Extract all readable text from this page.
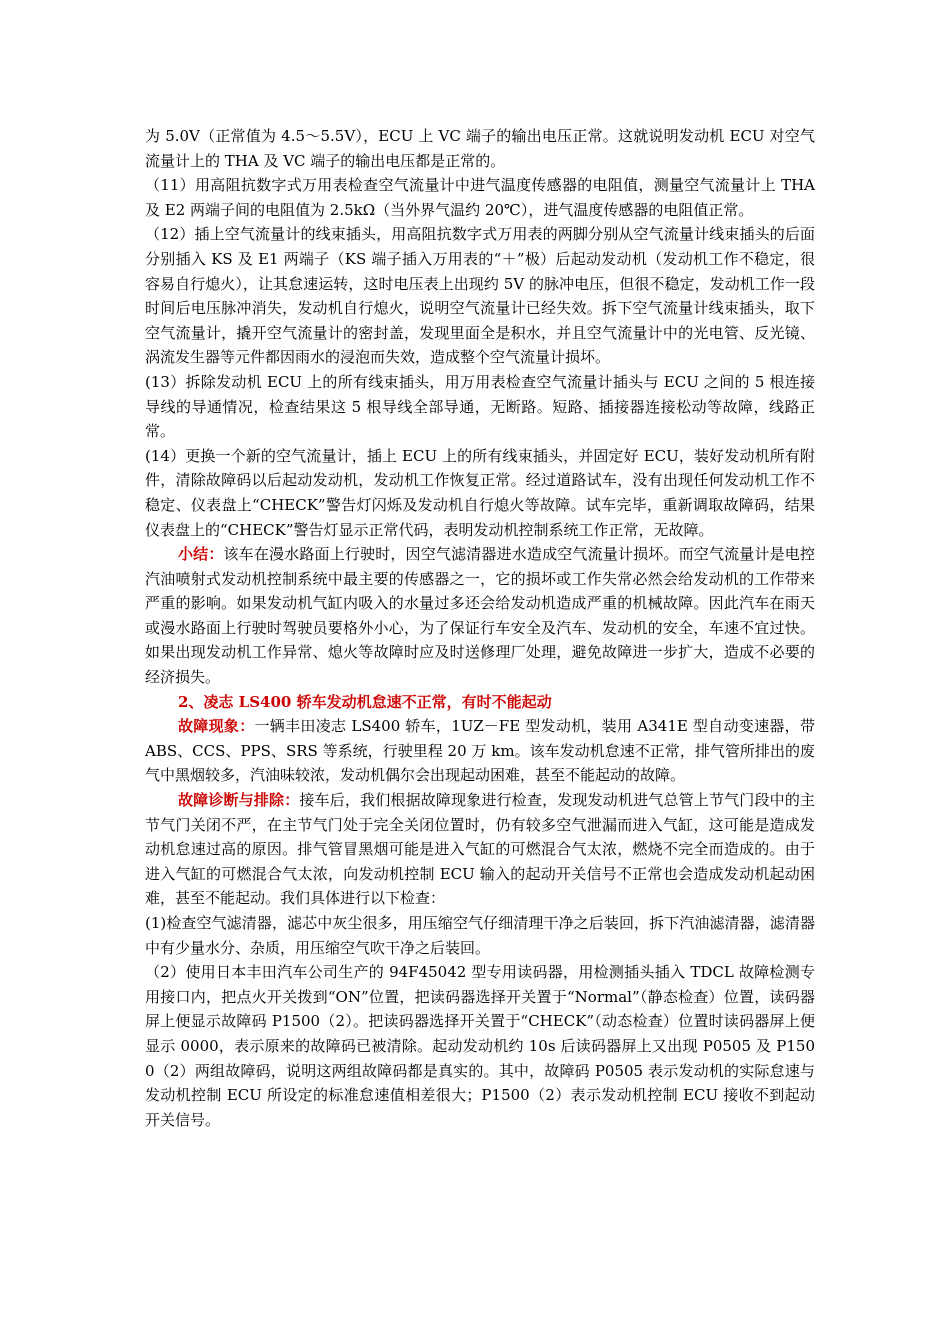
为 5.0V（正常值为 4.5～5.5V），ECU 上 VC 端子的输出电压正常。这就说明发动机 ECU 对空气流量计上的 THA 及 VC 端子的输出电压都是正常的。

（11）用高阻抗数字式万用表检查空气流量计中进气温度传感器的电阻值，测量空气流量计上 THA 及 E2 两端子间的电阻值为 2.5kΩ（当外界气温约 20℃），进气温度传感器的电阻值正常。

（12）插上空气流量计的线束插头，用高阻抗数字式万用表的两脚分别从空气流量计线束插头的后面分别插入 KS 及 E1 两端子（KS 端子插入万用表的“＋”极）后起动发动机（发动机工作不稳定，很容易自行熄火），让其怠速运转，这时电压表上出现约 5V 的脉冲电压，但很不稳定，发动机工作一段时间后电压脉冲消失，发动机自行熄火，说明空气流量计已经失效。拆下空气流量计线束插头，取下空气流量计，撬开空气流量计的密封盖，发现里面全是积水，并且空气流量计中的光电管、反光镜、涡流发生器等元件都因雨水的浸泡而失效，造成整个空气流量计损坏。

(13）拆除发动机 ECU 上的所有线束插头，用万用表检查空气流量计插头与 ECU 之间的 5 根连接导线的导通情况，检查结果这 5 根导线全部导通，无断路。短路、插接器连接松动等故障，线路正常。

(14）更换一个新的空气流量计，插上 ECU 上的所有线束插头，并固定好 ECU，装好发动机所有附件，清除故障码以后起动发动机，发动机工作恢复正常。经过道路试车，没有出现任何发动机工作不稳定、仪表盘上“CHECK”警告灯闪烁及发动机自行熄火等故障。试车完毕，重新调取故障码，结果仪表盘上的“CHECK”警告灯显示正常代码，表明发动机控制系统工作正常，无故障。

小结：该车在漫水路面上行驶时，因空气滤清器进水造成空气流量计损坏。而空气流量计是电控汽油喷射式发动机控制系统中最主要的传感器之一，它的损坏或工作失常必然会给发动机的工作带来严重的影响。如果发动机气缸内吸入的水量过多还会给发动机造成严重的机械故障。因此汽车在雨天或漫水路面上行驶时驾驶员要格外小心，为了保证行车安全及汽车、发动机的安全，车速不宜过快。如果出现发动机工作异常、熄火等故障时应及时送修理厂处理，避免故障进一步扩大，造成不必要的经济损失。

2、凌志 LS400 轿车发动机怠速不正常，有时不能起动

故障现象：一辆丰田凌志 LS400 轿车，1UZ－FE 型发动机，装用 A341E 型自动变速器，带 ABS、CCS、PPS、SRS 等系统，行驶里程 20 万 km。该车发动机怠速不正常，排气管所排出的废气中黑烟较多，汽油味较浓，发动机偶尔会出现起动困难，甚至不能起动的故障。

故障诊断与排除：接车后，我们根据故障现象进行检查，发现发动机进气总管上节气门段中的主节气门关闭不严，在主节气门处于完全关闭位置时，仍有较多空气泄漏而进入气缸，这可能是造成发动机怠速过高的原因。排气管冒黑烟可能是进入气缸的可燃混合气太浓，燃烧不完全而造成的。由于进入气缸的可燃混合气太浓，向发动机控制 ECU 输入的起动开关信号不正常也会造成发动机起动困难，甚至不能起动。我们具体进行以下检查：

(1)检查空气滤清器，滤芯中灰尘很多，用压缩空气仔细清理干净之后装回，拆下汽油滤清器，滤清器中有少量水分、杂质，用压缩空气吹干净之后装回。

（2）使用日本丰田汽车公司生产的 94F45042 型专用读码器，用检测插头插入 TDCL 故障检测专用接口内，把点火开关拨到“ON”位置，把读码器选择开关置于“Normal”（静态检查）位置，读码器屏上便显示故障码 P1500（2）。把读码器选择开关置于“CHECK”（动态检查）位置时读码器屏上便显示 0000，表示原来的故障码已被清除。起动发动机约 10s 后读码器屏上又出现 P0505 及 P1500（2）两组故障码，说明这两组故障码都是真实的。其中，故障码 P0505 表示发动机的实际怠速与发动机控制 ECU 所设定的标准怠速值相差很大；P1500（2）表示发动机控制 ECU 接收不到起动开关信号。
